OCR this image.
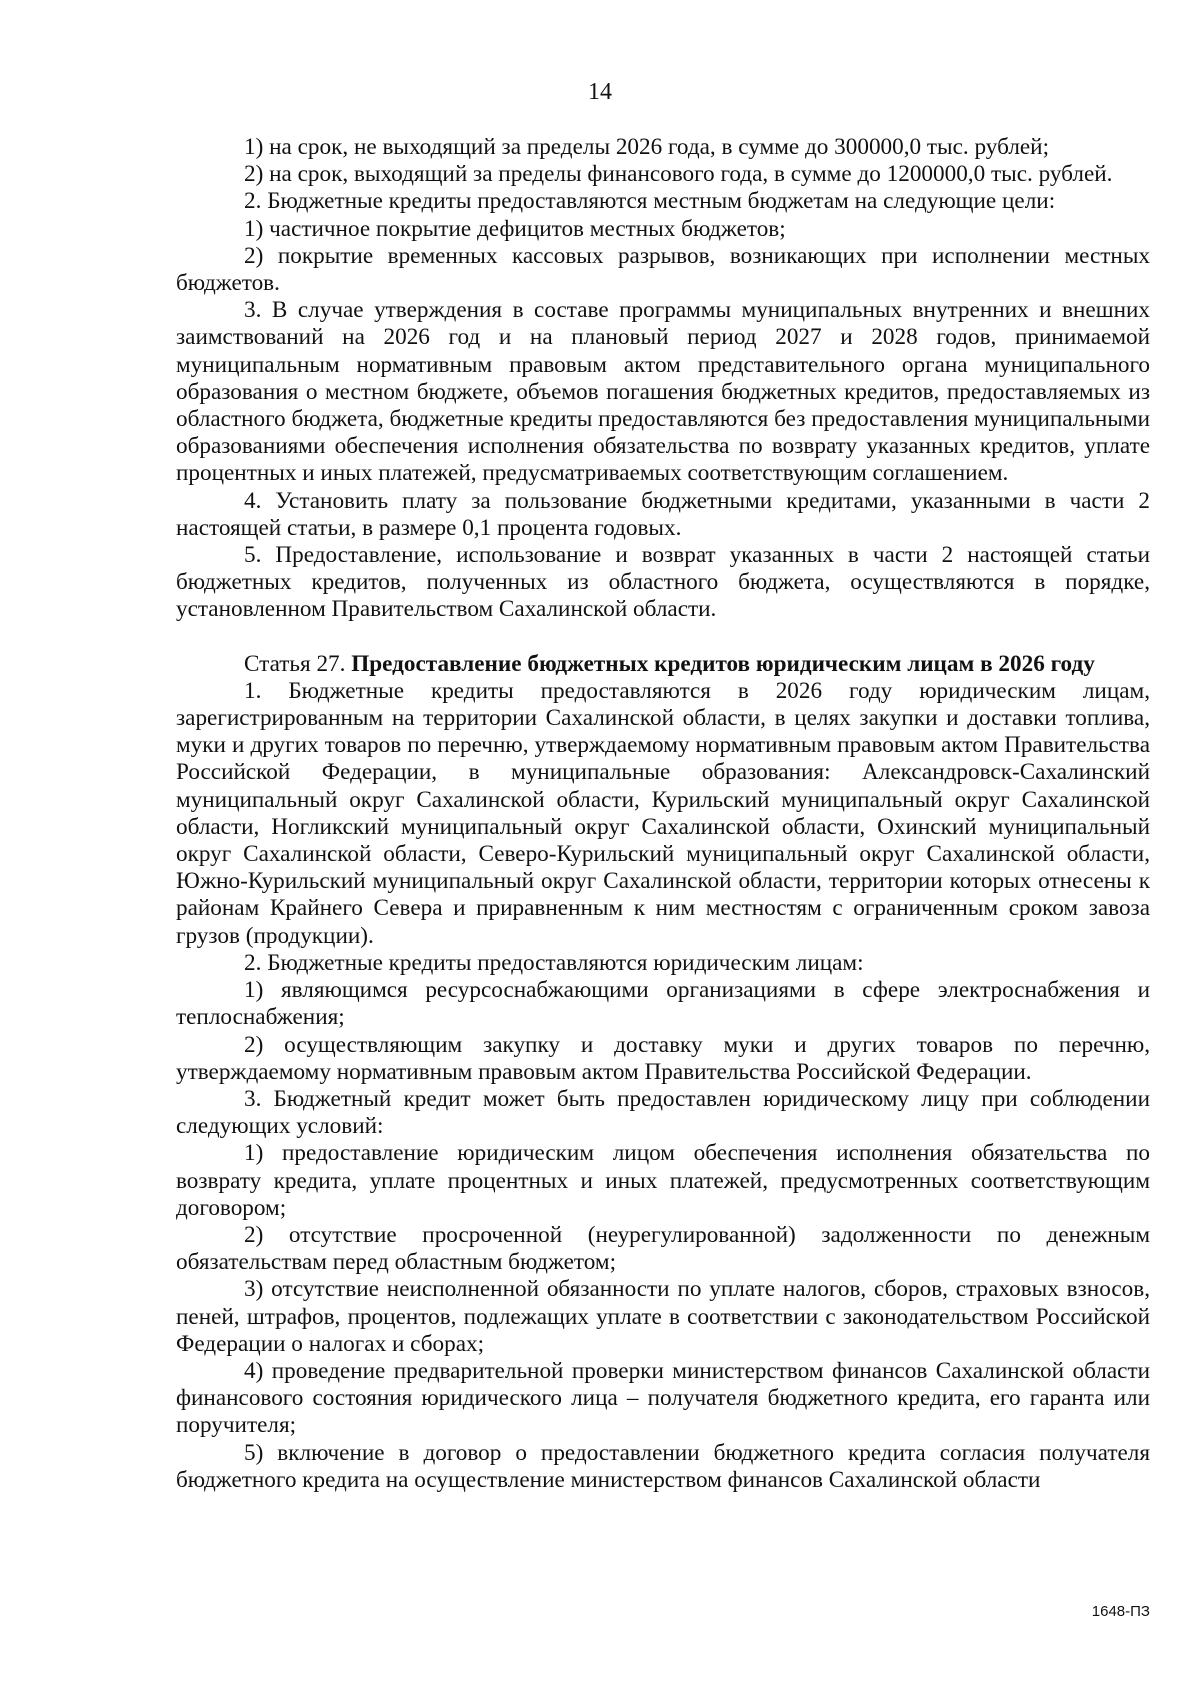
14

1) на срок, не выходящий за пределы 2026 года, в сумме до 300000,0 тыс. рублей;

2) на срок, выходящий за пределы финансового года, в сумме до 1200000,0 тыс. рублей.

2. Бюджетные кредиты предоставляются местным бюджетам на следующие цели:

1) частичное покрытие дефицитов местных бюджетов;

2) покрытие временных кассовых разрывов, возникающих при исполнении местных бюджетов.

3. В случае утверждения в составе программы муниципальных внутренних и внешних заимствований на 2026 год и на плановый период 2027 и 2028 годов, принимаемой муниципальным нормативным правовым актом представительного органа муниципального образования о местном бюджете, объемов погашения бюджетных кредитов, предоставляемых из областного бюджета, бюджетные кредиты предоставляются без предоставления муниципальными образованиями обеспечения исполнения обязательства по возврату указанных кредитов, уплате процентных и иных платежей, предусматриваемых соответствующим соглашением.

4. Установить плату за пользование бюджетными кредитами, указанными в части 2 настоящей статьи, в размере 0,1 процента годовых.

5. Предоставление, использование и возврат указанных в части 2 настоящей статьи бюджетных кредитов, полученных из областного бюджета, осуществляются в порядке, установленном Правительством Сахалинской области.

Статья 27. Предоставление бюджетных кредитов юридическим лицам в 2026 году

1. Бюджетные кредиты предоставляются в 2026 году юридическим лицам, зарегистрированным на территории Сахалинской области, в целях закупки и доставки топлива, муки и других товаров по перечню, утверждаемому нормативным правовым актом Правительства Российской Федерации, в муниципальные образования: Александровск-Сахалинский муниципальный округ Сахалинской области, Курильский муниципальный округ Сахалинской области, Ногликский муниципальный округ Сахалинской области, Охинский муниципальный округ Сахалинской области, Северо-Курильский муниципальный округ Сахалинской области, Южно-Курильский муниципальный округ Сахалинской области, территории которых отнесены к районам Крайнего Севера и приравненным к ним местностям с ограниченным сроком завоза грузов (продукции).

2. Бюджетные кредиты предоставляются юридическим лицам:

1) являющимся ресурсоснабжающими организациями в сфере электроснабжения и теплоснабжения;

2) осуществляющим закупку и доставку муки и других товаров по перечню, утверждаемому нормативным правовым актом Правительства Российской Федерации.

3. Бюджетный кредит может быть предоставлен юридическому лицу при соблюдении следующих условий:

1) предоставление юридическим лицом обеспечения исполнения обязательства по возврату кредита, уплате процентных и иных платежей, предусмотренных соответствующим договором;

2) отсутствие просроченной (неурегулированной) задолженности по денежным обязательствам перед областным бюджетом;

3) отсутствие неисполненной обязанности по уплате налогов, сборов, страховых взносов, пеней, штрафов, процентов, подлежащих уплате в соответствии с законодательством Российской Федерации о налогах и сборах;

4) проведение предварительной проверки министерством финансов Сахалинской области финансового состояния юридического лица – получателя бюджетного кредита, его гаранта или поручителя;

5) включение в договор о предоставлении бюджетного кредита согласия получателя бюджетного кредита на осуществление министерством финансов Сахалинской области

1648-ПЗ
